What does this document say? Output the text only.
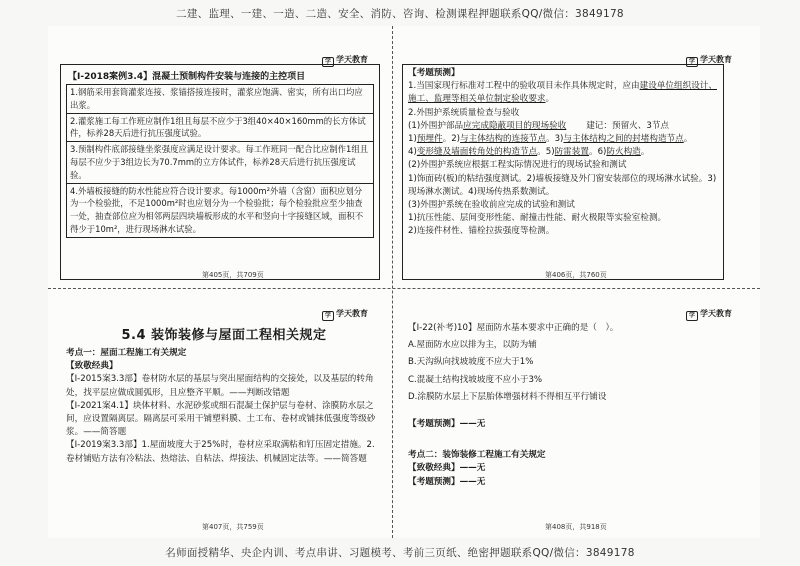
二建、监理、一建、一造、二造、安全、消防、咨询、检测课程押题联系QQ/微信：3849178
学 学天教育
【Ⅰ-2018案例3.4】混凝土预制构件安装与连接的主控项目
1.钢筋采用套筒灌浆连接、浆锚搭接连接时，灌浆应饱满、密实，所有出口均应出浆。
2.灌浆施工每工作班应制作1组且每层不应少于3组40×40×160mm的长方体试件，标养28天后进行抗压强度试验。
3.预制构件底部接缝坐浆强度应满足设计要求。每工作班同一配合比应制作1组且每层不应少于3组边长为70.7mm的立方体试件，标养28天后进行抗压强度试验。
4.外墙板接缝的防水性能应符合设计要求。每1000m²外墙（含窗）面积应划分为一个检验批，不足1000m²时也应划分为一个检验批；每个检验批应至少抽查一处，抽查部位应为相邻两层四块墙板形成的水平和竖向十字接缝区域，面积不得少于10m²，进行现场淋水试验。
第405页，共709页
学 学天教育

【考题预测】

1.当国家现行标准对工程中的验收项目未作具体规定时，应由建设单位组织设计、施工、监理等相关单位制定验收要求。

2.外围护系统质量检查与验收

(1)外围护部品应完成隐蔽项目的现场验收　　 建记：预留火、3节点

1)预埋件。2)与主体结构的连接节点。3)与主体结构之间的封堵构造节点。

4)变形缝及墙面转角处的构造节点。5)防雷装置。6)防火构造。

(2)外围护系统应根据工程实际情况进行的现场试验和测试

1)饰面砖(板)的粘结强度测试。2)墙板接缝及外门窗安装部位的现场淋水试验。3)现场淋水测试。4)现场传热系数测试。

(3)外围护系统在验收前应完成的试验和测试

1)抗压性能、层间变形性能、耐撞击性能、耐火极限等实验室检测。

2)连接件材性、锚栓拉拔强度等检测。

第406页，共760页
学 学天教育
5.4 装饰装修与屋面工程相关规定

考点一：屋面工程施工有关规定

【致敬经典】

【Ⅰ-2015案3.3部】卷材防水层的基层与突出屋面结构的交接处，以及基层的转角处，找平层应做成圆弧形，且应整齐平顺。——判断改错题

【Ⅰ-2021案4.1】块体材料、水泥砂浆或细石混凝土保护层与卷材、涂膜防水层之间，应设置隔离层。隔离层可采用干铺塑料膜、土工布、卷材或铺抹低强度等级砂浆。——简答题

【Ⅰ-2019案3.3部】1.屋面坡度大于25%时，卷材应采取满粘和钉压固定措施。2.卷材铺贴方法有冷粘法、热熔法、自粘法、焊接法、机械固定法等。——简答题

第407页，共759页
学 学天教育

【Ⅰ-22(补考)10】屋面防水基本要求中正确的是（　）。

A.屋面防水应以排为主，以防为辅

B.天沟纵向找坡坡度不应大于1%

C.混凝土结构找坡坡度不应小于3%

D.涂膜防水层上下层胎体增强材料不得相互平行铺设

【考题预测】——无

考点二：装饰装修工程施工有关规定

【致敬经典】——无

【考题预测】——无

第408页，共918页
名师面授精华、央企内训、考点串讲、习题模考、考前三页纸、绝密押题联系QQ/微信：3849178
